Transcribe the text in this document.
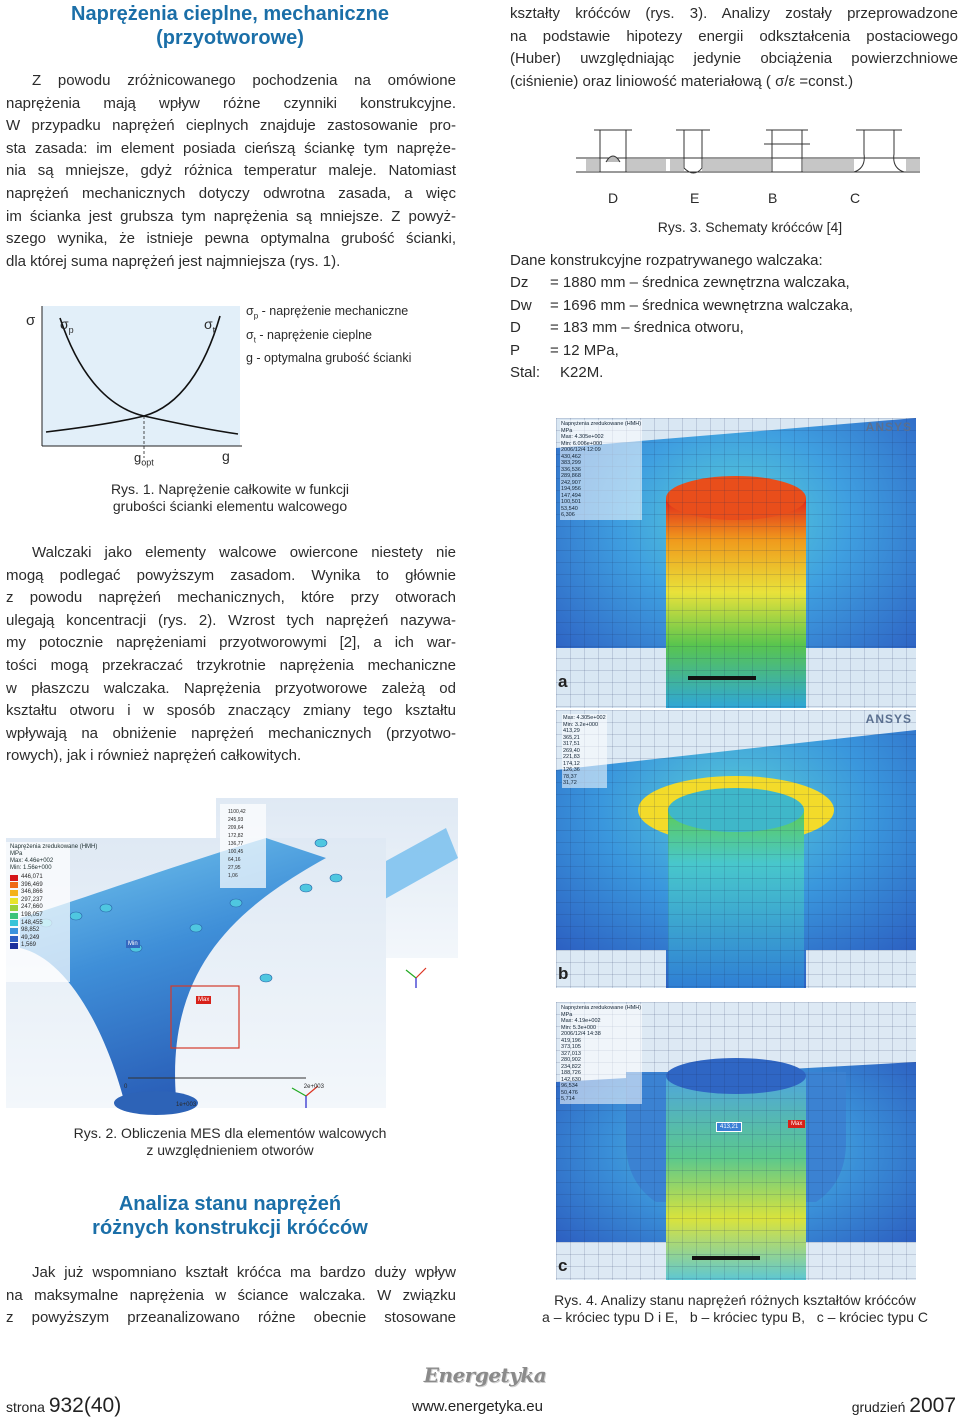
Naprężenia cieplne, mechaniczne
(przyotworowe)
Z powodu zróżnicowanego pochodzenia na omówione
naprężenia mają wpływ różne czynniki konstrukcyjne.
W przypadku naprężeń cieplnych znajduje zastosowanie pro-
sta zasada: im element posiada cieńszą ściankę tym napręże-
nia są mniejsze, gdyż różnica temperatur maleje. Natomiast
naprężeń mechanicznych dotyczy odwrotna zasada, a więc
im ścianka jest grubsza tym naprężenia są mniejsze. Z powyż-
szego wynika, że istnieje pewna optymalna grubość ścianki,
dla której suma naprężeń jest najmniejsza (rys. 1).
σ $\sigma_p$	$\sigma_t$
$g_{opt}$	g
$\sigma_p$ - naprężenie mechaniczne
$\sigma_t$ - naprężenie cieplne
g - optymalna grubość ścianki
Rys. 1. Naprężenie całkowite w funkcji
grubości ścianki elementu walcowego
Walczaki jako elementy walcowe owiercone niestety nie
mogą podlegać powyższym zasadom. Wynika to głównie
z powodu naprężeń mechanicznych, które przy otworach
ulegają koncentracji (rys. 2). Wzrost tych naprężeń nazywa-
my potocznie naprężeniami przyotworowymi [2], a ich war-
tości mogą przekraczać trzykrotnie naprężenia mechaniczne
w płaszczu walczaka. Naprężenia przyotworowe zależą od
kształtu otworu i w sposób znaczący zmiany tego kształtu
wpływają na obniżenie naprężeń mechanicznych (przyotwo-
rowych), jak i również naprężeń całkowitych.
Naprężenia zredukowane (HMH)
MPa
Max: 4.46e+002
Min: 1.56e+000
446,071
396,469
346,866
297,237
247,660
198,057
148,455
98,852
49,249
1,569
1100,42
245,93
209,64
172,82
136,77
100,45
64,16
27,95
1,06
Max
Min
0	2e+003
1e+003
Rys. 2. Obliczenia MES dla elementów walcowych
z uwzględnieniem otworów
Analiza stanu naprężeń
różnych konstrukcji króćców
Jak już wspomniano kształt króćca ma bardzo duży wpływ
na maksymalne naprężenia w ściance walczaka. W związku
z powyższym przeanalizowano różne obecnie stosowane
kształty króćców (rys. 3). Analizy zostały przeprowadzone
na podstawie hipotezy energii odkształcenia postaciowego
(Huber) uwzględniając jedynie obciążenia powierzchniowe
(ciśnienie) oraz liniowość materiałową ( σ/ε =const.)
D	E	B	C
Rys. 3. Schematy króćców [4]
Dane konstrukcyjne rozpatrywanego walczaka:
Dz	= 1880 mm – średnica zewnętrzna walczaka,
Dw	= 1696 mm – średnica wewnętrzna walczaka,
D	= 183 mm – średnica otworu,
P	= 12 MPa,
Stal:	K22M.
Naprężenia zredukowane (HMH)
MPa
Max: 4.305e+002
Min: 6.006e+000
2006/12/4 12:09
430,462
383,299
336,536
289,868
242,907
194,956
147,494
100,501
53,540
6,306
ANSYS
a
Max: 4.305e+002
Min: 3.2e+000
413,29
365,21
317,51
269,40
221,83
174,12
126,36
78,37
31,72
ANSYS
b
Naprężenia zredukowane (HMH)
MPa
Max: 4.19e+002
Min: 5.3e+000
2006/12/4 14:38
419,196
373,105
327,013
280,902
234,822
188,726
142,630
96,534
50,476
5,714
413,21	Max
c
Rys. 4. Analizy stanu naprężeń różnych kształtów króćców
a – króciec typu D i E,   b – króciec typu B,   c – króciec typu C
Energetyka
strona 932(40)	www.energetyka.eu	grudzień 2007
